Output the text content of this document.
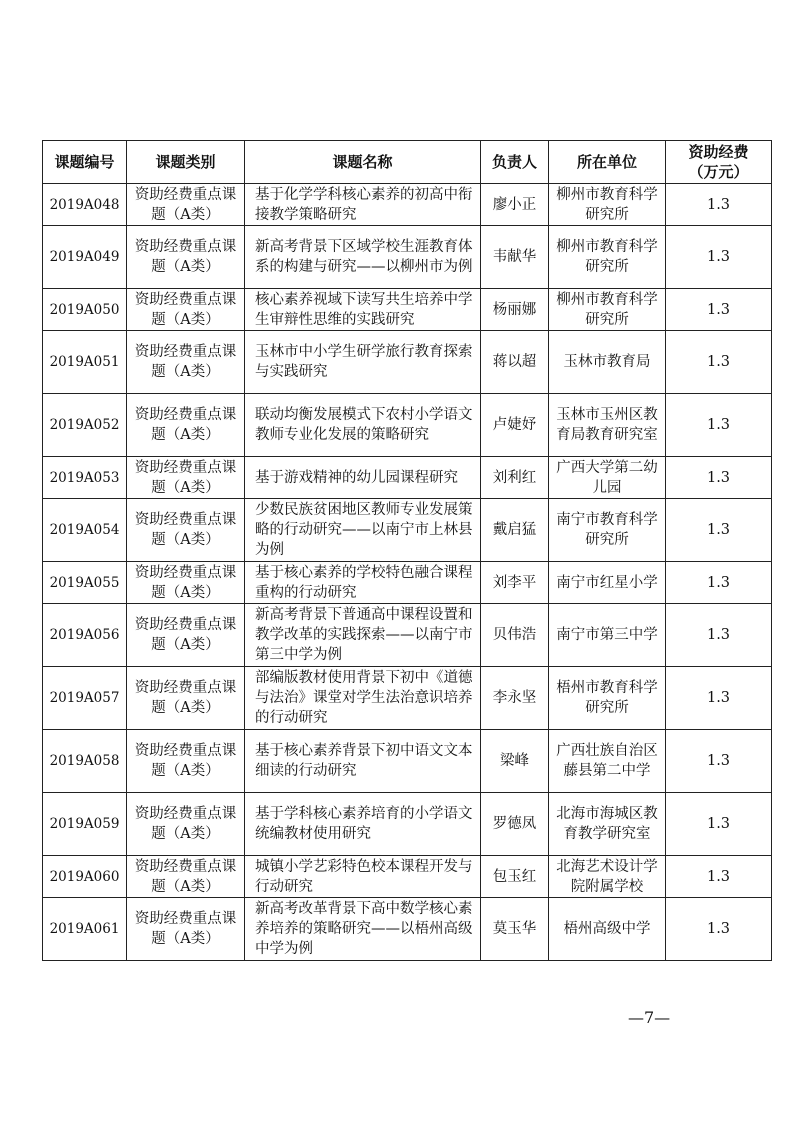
课题编号	课题类别	课题名称	负责人	所在单位	资助经费
（万元）
2019A048	资助经费重点课题（A类）	基于化学学科核心素养的初高中衔接教学策略研究	廖小正	柳州市教育科学研究所	1.3
2019A049	资助经费重点课题（A类）	新高考背景下区域学校生涯教育体系的构建与研究——以柳州市为例	韦献华	柳州市教育科学研究所	1.3
2019A050	资助经费重点课题（A类）	核心素养视域下读写共生培养中学生审辩性思维的实践研究	杨丽娜	柳州市教育科学研究所	1.3
2019A051	资助经费重点课题（A类）	玉林市中小学生研学旅行教育探索与实践研究	蒋以超	玉林市教育局	1.3
2019A052	资助经费重点课题（A类）	联动均衡发展模式下农村小学语文教师专业化发展的策略研究	卢婕妤	玉林市玉州区教育局教育研究室	1.3
2019A053	资助经费重点课题（A类）	基于游戏精神的幼儿园课程研究	刘利红	广西大学第二幼儿园	1.3
2019A054	资助经费重点课题（A类）	少数民族贫困地区教师专业发展策略的行动研究——以南宁市上林县为例	戴启猛	南宁市教育科学研究所	1.3
2019A055	资助经费重点课题（A类）	基于核心素养的学校特色融合课程重构的行动研究	刘李平	南宁市红星小学	1.3
2019A056	资助经费重点课题（A类）	新高考背景下普通高中课程设置和教学改革的实践探索——以南宁市第三中学为例	贝伟浩	南宁市第三中学	1.3
2019A057	资助经费重点课题（A类）	部编版教材使用背景下初中《道德与法治》课堂对学生法治意识培养的行动研究	李永坚	梧州市教育科学研究所	1.3
2019A058	资助经费重点课题（A类）	基于核心素养背景下初中语文文本细读的行动研究	梁峰	广西壮族自治区藤县第二中学	1.3
2019A059	资助经费重点课题（A类）	基于学科核心素养培育的小学语文统编教材使用研究	罗德凤	北海市海城区教育教学研究室	1.3
2019A060	资助经费重点课题（A类）	城镇小学艺彩特色校本课程开发与行动研究	包玉红	北海艺术设计学院附属学校	1.3
2019A061	资助经费重点课题（A类）	新高考改革背景下高中数学核心素养培养的策略研究——以梧州高级中学为例	莫玉华	梧州高级中学	1.3
—7—
